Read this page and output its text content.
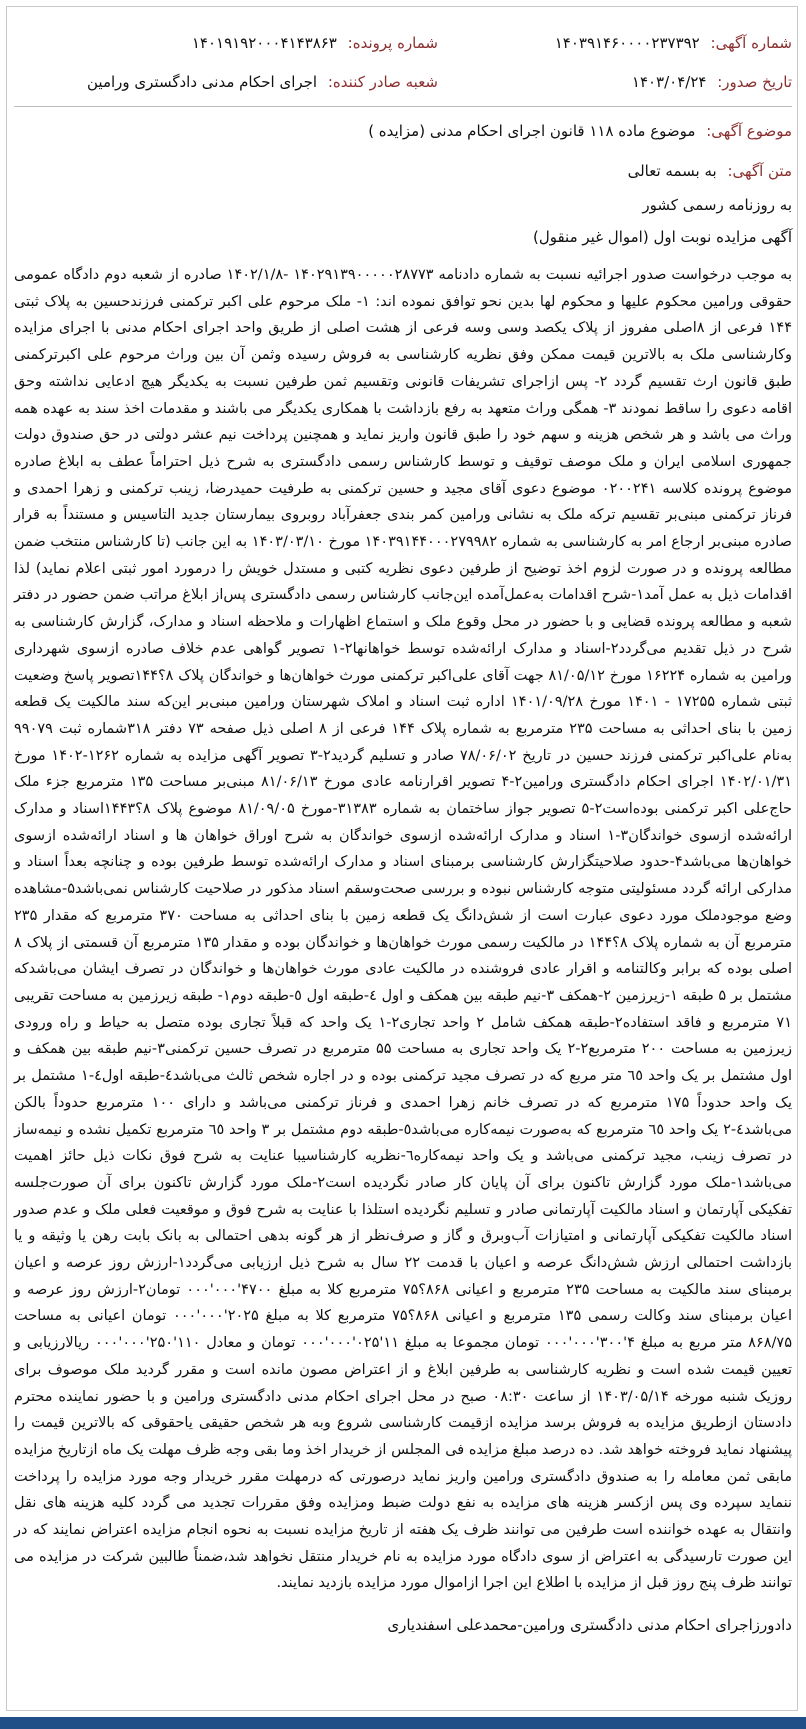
شماره آگهی: ۱۴۰۳۹۱۴۶۰۰۰۰۲۳۷۳۹۲
شماره پرونده: ۱۴۰۱۹۱۹۲۰۰۰۴۱۴۳۸۶۳
تاریخ صدور: ۱۴۰۳/۰۴/۲۴
شعبه صادر کننده: اجرای احکام مدنی دادگستری ورامین
موضوع آگهی: موضوع ماده ۱۱۸ قانون اجرای احکام مدنی (مزایده )
متن آگهی: به بسمه تعالی
به روزنامه رسمی کشور
آگهی مزایده نوبت اول (اموال غیر منقول)
به موجب درخواست صدور اجرائیه نسبت به شماره دادنامه ۱۴۰۲۹۱۳۹۰۰۰۰۰۲۸۷۷۳ -۱۴۰۲/۱/۸ صادره از شعبه دوم دادگاه عمومی حقوقی ورامین محکوم علیها و محکوم لها بدین نحو توافق نموده اند: ۱- ملک مرحوم علی اکبر ترکمنی فرزندحسین به پلاک ثبتی ۱۴۴ فرعی از ۸اصلی مفروز از پلاک یکصد وسی وسه فرعی از هشت اصلی از طریق واحد اجرای احکام مدنی با اجرای مزایده وکارشناسی ملک به بالاترین قیمت ممکن وفق نظریه کارشناسی به فروش رسیده وثمن آن بین وراث مرحوم علی اکبرترکمنی طبق قانون ارث تقسیم گردد ۲- پس ازاجرای تشریفات قانونی وتقسیم ثمن طرفین نسبت به یکدیگر هیچ ادعایی نداشته وحق اقامه دعوی را ساقط نمودند ۳- همگی وراث متعهد به رفع بازداشت با همکاری یکدیگر می باشند و مقدمات اخذ سند به عهده همه وراث می باشد و هر شخص هزینه و سهم خود را طبق قانون واریز نماید و همچنین پرداخت نیم عشر دولتی در حق صندوق دولت جمهوری اسلامی ایران و ملک موصف توقیف و توسط کارشناس رسمی دادگستری به شرح ذیل احتراماً عطف به ابلاغ صادره موضوع پرونده کلاسه ۰۲۰۰۲۴۱ موضوع دعوی آقای مجید و حسین ترکمنی به طرفیت حمیدرضا، زینب ترکمنی و زهرا احمدی و فرناز ترکمنی مبنی‌بر تقسیم ترکه ملک به نشانی ورامین کمر بندی جعفرآباد روبروی بیمارستان جدید التاسیس و مستنداً به قرار صادره مبنی‌بر ارجاع امر به کارشناسی به شماره ۱۴۰۳۹۱۴۴۰۰۰۲۷۹۹۸۲ مورخ ۱۴۰۳/۰۳/۱۰ به این جانب (تا کارشناس منتخب ضمن مطالعه پرونده و در صورت لزوم اخذ توضیح از طرفین دعوی نظریه کتبی و مستدل خویش را درمورد امور ثبتی اعلام نماید) لذا اقدامات ذیل به عمل آمد۱-شرح اقدامات به‌عمل‌آمده این‌جانب کارشناس رسمی دادگستری پس‌از ابلاغ مراتب ضمن حضور در دفتر شعبه و مطالعه پرونده قضایی و با حضور در محل وقوع ملک و استماع اظهارات و ملاحظه اسناد و مدارک، گزارش کارشناسی به شرح در ذیل تقدیم می‌گردد۲-اسناد و مدارک ارائه‌شده توسط خواهانها۲-۱ تصویر گواهی عدم خلاف صادره ازسوی شهرداری ورامین به شماره ۱۶۲۲۴ مورخ ۸۱/۰۵/۱۲ جهت آقای علی‌اکبر ترکمنی مورث خواهان‌ها و خواندگان پلاک ۸؟۱۴۴تصویر پاسخ وضعیت ثبتی شماره ۱۷۲۵۵ - ۱۴۰۱ مورخ ۱۴۰۱/۰۹/۲۸ اداره ثبت اسناد و املاک شهرستان ورامین مبنی‌بر این‌که سند مالکیت یک قطعه زمین با بنای احداثی به مساحت ۲۳۵ مترمربع به شماره پلاک ۱۴۴ فرعی از ۸ اصلی ذیل صفحه ۷۳ دفتر ۳۱۸شماره ثبت ۹۹۰۷۹ به‌نام علی‌اکبر ترکمنی فرزند حسین در تاریخ ۷۸/۰۶/۰۲ صادر و تسلیم گردید۲-۳ تصویر آگهی مزایده به شماره ۱۲۶۲-۱۴۰۲ مورخ ۱۴۰۲/۰۱/۳۱ اجرای احکام دادگستری ورامین۲-۴ تصویر اقرارنامه عادی مورخ ۸۱/۰۶/۱۳ مبنی‌بر مساحت ۱۳۵ مترمربع جزء ملک حاج‌علی اکبر ترکمنی بوده‌است۲-۵ تصویر جواز ساختمان به شماره ۳۱۳۸۳-مورخ ۸۱/۰۹/۰۵ موضوع پلاک ۸؟۱۴۴۳اسناد و مدارک ارائه‌شده ازسوی خواندگان۳-۱ اسناد و مدارک ارائه‌شده ازسوی خواندگان به شرح اوراق خواهان ها و اسناد ارائه‌شده ازسوی خواهان‌ها می‌باشد۴-حدود صلاحیتگزارش کارشناسی برمبنای اسناد و مدارک ارائه‌شده توسط طرفین بوده و چنانچه بعداً اسناد و مدارکی ارائه گردد مسئولیتی متوجه کارشناس نبوده و بررسی صحت‌وسقم اسناد مذکور در صلاحیت کارشناس نمی‌باشد۵-مشاهده وضع موجودملک مورد دعوی عبارت است از شش‌دانگ یک قطعه زمین با بنای احداثی به مساحت ۳۷۰ مترمربع که مقدار ۲۳۵ مترمربع آن به شماره پلاک ۸؟۱۴۴ در مالکیت رسمی مورث خواهان‌ها و خواندگان بوده و مقدار ۱۳۵ مترمربع آن قسمتی از پلاک ۸ اصلی بوده که برابر وکالتنامه و اقرار عادی فروشنده در مالکیت عادی مورث خواهان‌ها و خواندگان در تصرف ایشان می‌باشدکه مشتمل بر ۵ طبقه ۱-زیرزمین ۲-همکف ۳-نیم طبقه بین همکف و اول ٤-طبقه اول ٥-طبقه دوم۱- طبقه زیرزمین به مساحت تقریبی ۷۱ مترمربع و فاقد استفاده۲-طبقه همکف شامل ۲ واحد تجاری۲-۱ یک واحد که قبلاً تجاری بوده متصل به حیاط و راه ورودی زیرزمین به مساحت ۲۰۰ مترمربع۲-۲ یک واحد تجاری به مساحت ۵۵ مترمربع در تصرف حسین ترکمنی۳-نیم طبقه بین همکف و اول مشتمل بر یک واحد ٦٥ متر مربع که در تصرف مجید ترکمنی بوده و در اجاره شخص ثالث می‌باشد٤-طبقه اول٤-۱ مشتمل بر یک واحد حدوداً ۱۷۵ مترمربع که در تصرف خانم زهرا احمدی و فرناز ترکمنی می‌باشد و دارای ۱۰۰ مترمربع حدوداً بالکن می‌باشد٤-۲ یک واحد ٦٥ مترمربع که به‌صورت نیمه‌کاره می‌باشد٥-طبقه دوم مشتمل بر ۳ واحد ٦٥ مترمربع تکمیل نشده و نیمه‌ساز در تصرف زینب، مجید ترکمنی می‌باشد و یک واحد نیمه‌کاره٦-نظریه کارشناسیبا عنایت به شرح فوق نکات ذیل حائز اهمیت می‌باشد۱-ملک مورد گزارش تاکنون برای آن پایان کار صادر نگردیده است۲-ملک مورد گزارش تاکنون برای آن صورت‌جلسه تفکیکی آپارتمان و اسناد مالکیت آپارتمانی صادر و تسلیم نگردیده استلذا با عنایت به شرح فوق و موقعیت فعلی ملک و عدم صدور اسناد مالکیت تفکیکی آپارتمانی و امتیازات آب‌وبرق و گاز و صرف‌نظر از هر گونه بدهی احتمالی به بانک بابت رهن یا وثیقه و یا بازداشت احتمالی ارزش شش‌دانگ عرصه و اعیان با قدمت ۲۲ سال به شرح ذیل ارزیابی می‌گردد۱-ارزش روز عرصه و اعیان برمبنای سند مالکیت به مساحت ۲۳۵ مترمربع و اعیانی ۸۶۸؟۷۵ مترمربع کلا به مبلغ ۴۷۰۰'۰۰۰'۰۰۰ تومان۲-ارزش روز عرصه و اعیان برمبنای سند وکالت رسمی ۱۳۵ مترمربع و اعیانی ۸۶۸؟۷۵ مترمربع کلا به مبلغ ۲۰۲۵'۰۰۰'۰۰۰ تومان اعیانی به مساحت ۸۶۸/۷۵ متر مربع به مبلغ ۴'۳۰۰'۰۰۰'۰۰۰ تومان مجموعا به مبلغ ۱۱'۰۲۵'۰۰۰'۰۰۰ تومان و معادل ۱۱۰'۲۵۰'۰۰۰'۰۰۰ ریالارزیابی و تعیین قیمت شده است و نظریه کارشناسی به طرفین ابلاغ و از اعتراض مصون مانده است و مقرر گردید ملک موصوف برای روزیک شنبه مورخه ۱۴۰۳/۰۵/۱۴ از ساعت ۰۸:۳۰ صبح در محل اجرای احکام مدنی دادگستری ورامین و با حضور نماینده محترم دادستان ازطریق مزایده به فروش برسد مزایده ازقیمت کارشناسی شروع وبه هر شخص حقیقی یاحقوقی که بالاترین قیمت را پیشنهاد نماید فروخته خواهد شد. ده درصد مبلغ مزایده فی المجلس از خریدار اخذ وما بقی وجه ظرف مهلت یک ماه ازتاریخ مزایده مابقی ثمن معامله را به صندوق دادگستری ورامین واریز نماید درصورتی که درمهلت مقرر خریدار وجه مورد مزایده را پرداخت ننماید سپرده وی پس ازکسر هزینه های مزایده به نفع دولت ضبط ومزایده وفق مقررات تجدید می گردد کلیه هزینه های نقل وانتقال به عهده خواننده است طرفین می توانند ظرف یک هفته از تاریخ مزایده نسبت به نحوه انجام مزایده اعتراض نمایند که در این صورت تارسیدگی به اعتراض از سوی دادگاه مورد مزایده به نام خریدار منتقل نخواهد شد،ضمناً طالبین شرکت در مزایده می توانند ظرف پنج روز قبل از مزایده با اطلاع این اجرا ازاموال مورد مزایده بازدید نمایند.
دادورزاجرای احکام مدنی دادگستری ورامین-محمدعلی اسفندیاری
